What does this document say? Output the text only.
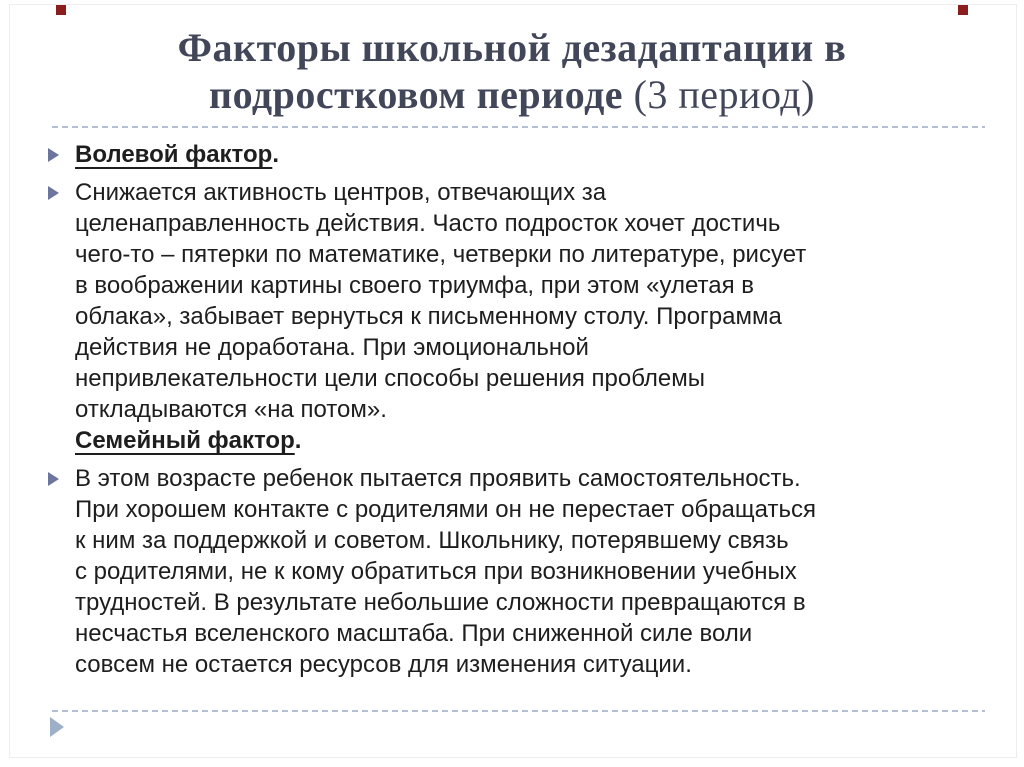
Факторы школьной дезадаптации в
подростковом периоде (3 период)
Волевой фактор.
Снижается активность центров, отвечающих за
целенаправленность действия. Часто подросток хочет достичь
чего-то – пятерки по математике, четверки по литературе, рисует
в воображении картины своего триумфа, при этом «улетая в
облака», забывает вернуться к письменному столу. Программа
действия не доработана. При эмоциональной
непривлекательности цели способы решения проблемы
откладываются «на потом».
Семейный фактор.
В этом возрасте ребенок пытается проявить самостоятельность.
При хорошем контакте с родителями он не перестает обращаться
к ним за поддержкой и советом. Школьнику, потерявшему связь
с родителями, не к кому обратиться при возникновении учебных
трудностей. В результате небольшие сложности превращаются в
несчастья вселенского масштаба. При сниженной силе воли
совсем не остается ресурсов для изменения ситуации.
